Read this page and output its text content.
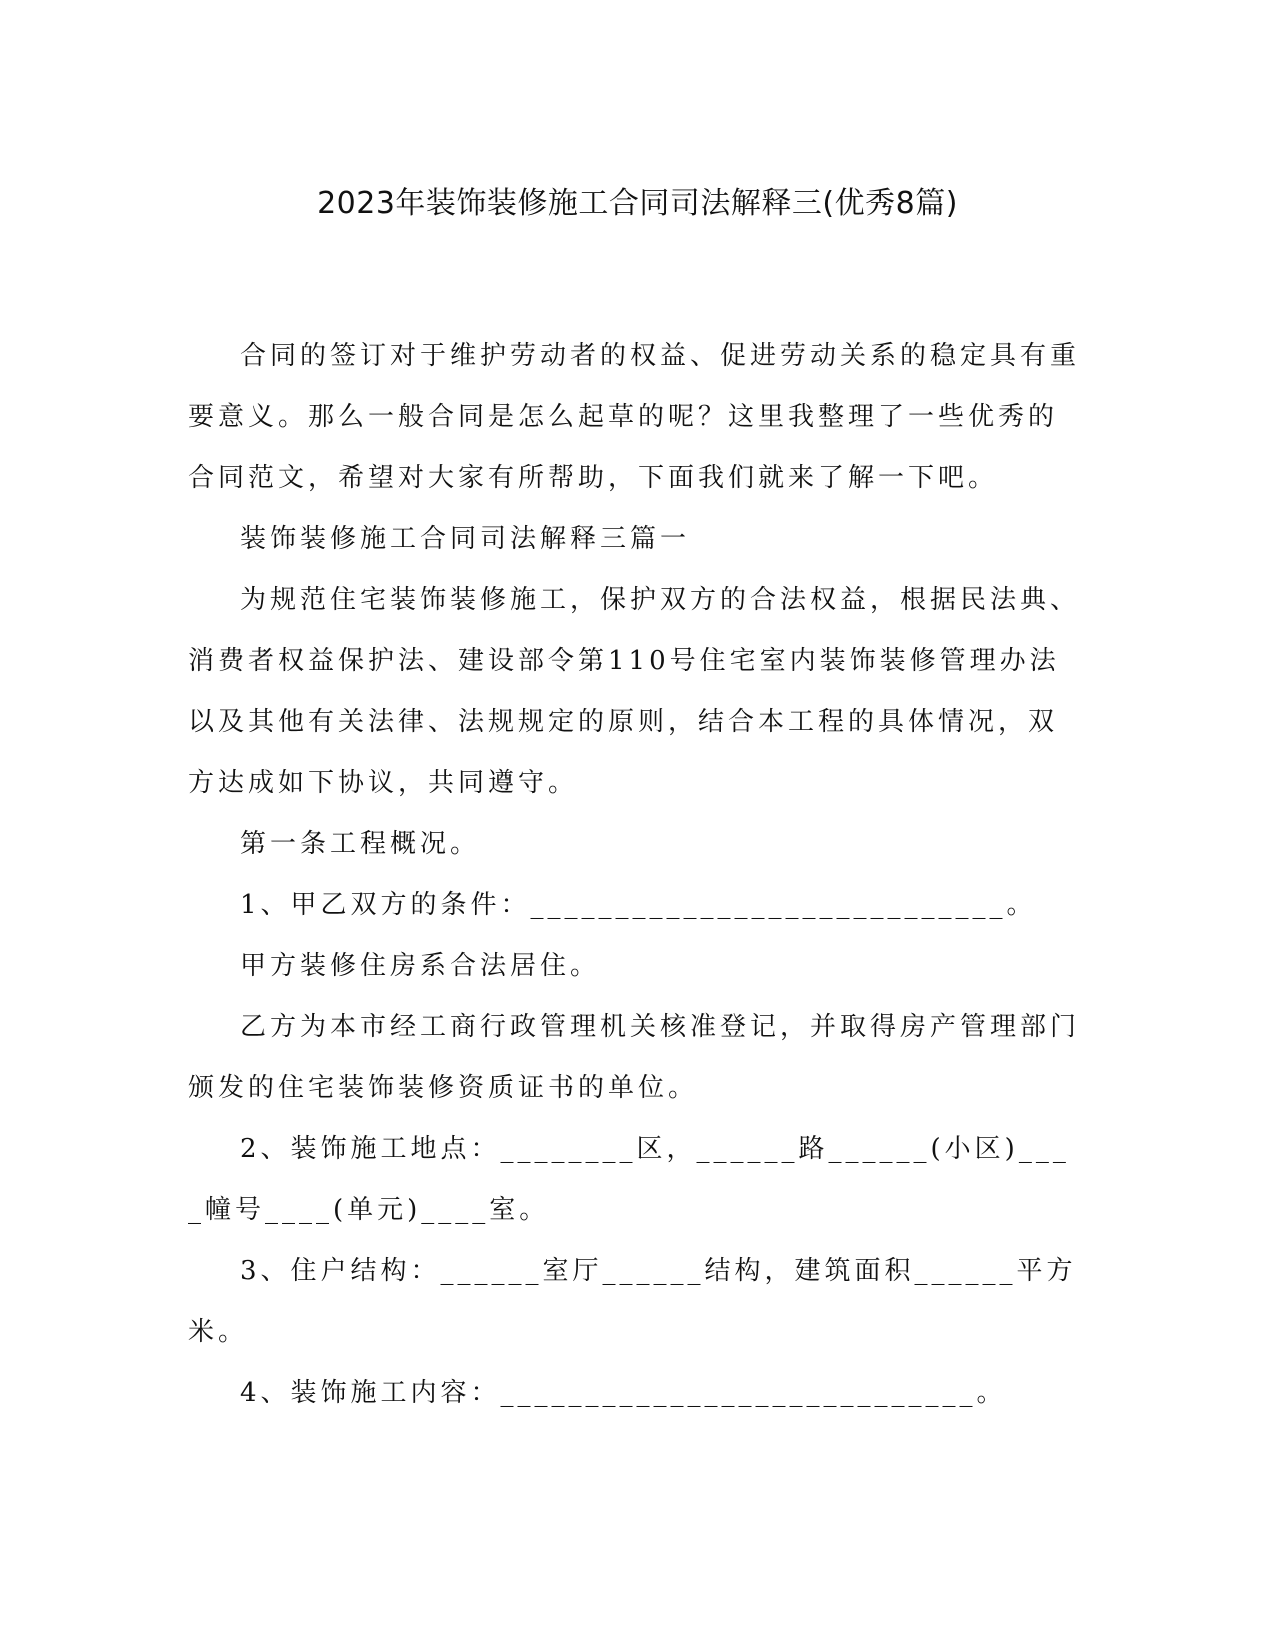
2023年装饰装修施工合同司法解释三(优秀8篇)

合同的签订对于维护劳动者的权益、促进劳动关系的稳定具有重要意义。那么一般合同是怎么起草的呢？这里我整理了一些优秀的合同范文，希望对大家有所帮助，下面我们就来了解一下吧。

装饰装修施工合同司法解释三篇一

为规范住宅装饰装修施工，保护双方的合法权益，根据民法典、消费者权益保护法、建设部令第110号住宅室内装饰装修管理办法以及其他有关法律、法规规定的原则，结合本工程的具体情况，双方达成如下协议，共同遵守。

第一条工程概况。

1、甲乙双方的条件：____________________________。

甲方装修住房系合法居住。

乙方为本市经工商行政管理机关核准登记，并取得房产管理部门颁发的住宅装饰装修资质证书的单位。

2、装饰施工地点：________区，______路______(小区)____幢号____(单元)____室。

3、住户结构：______室厅______结构，建筑面积______平方米。

4、装饰施工内容：____________________________。
